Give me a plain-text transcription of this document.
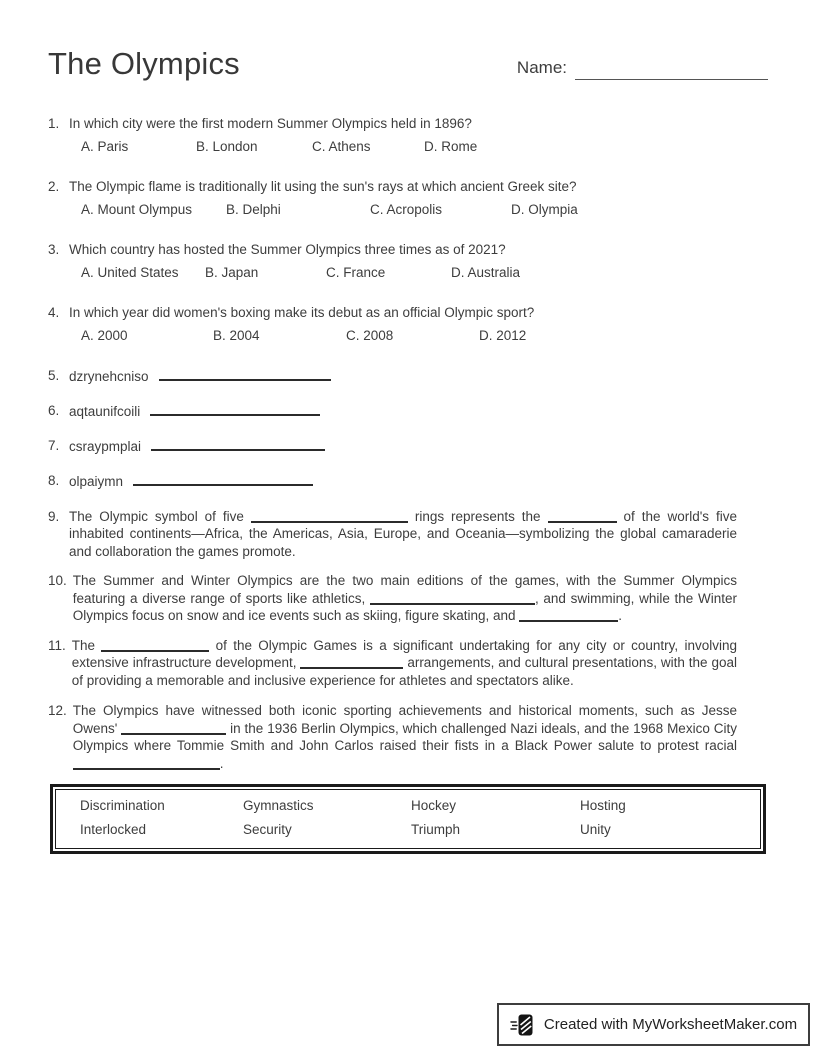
The Olympics	Name:
1. In which city were the first modern Summer Olympics held in 1896?

A. Paris	B. London	C. Athens	D. Rome
2. The Olympic flame is traditionally lit using the sun's rays at which ancient Greek site?

A. Mount Olympus	B. Delphi	C. Acropolis	D. Olympia
3. Which country has hosted the Summer Olympics three times as of 2021?

A. United States	B. Japan	C. France	D. Australia
4. In which year did women's boxing make its debut as an official Olympic sport?

A. 2000	B. 2004	C. 2008	D. 2012
5. dzrynehcniso
6. aqtaunifcoili
7. csraypmplai
8. olpaiymn
9. The Olympic symbol of five	rings represents the	of the world's five inhabited continents—Africa, the Americas, Asia, Europe, and Oceania—symbolizing the global camaraderie and collaboration the games promote.

10. The Summer and Winter Olympics are the two main editions of the games, with the Summer Olympics featuring a diverse range of sports like athletics,	, and swimming, while the Winter Olympics focus on snow and ice events such as skiing, figure skating, and	.

11. The	of the Olympic Games is a significant undertaking for any city or country, involving extensive infrastructure development,	arrangements, and cultural presentations, with the goal of providing a memorable and inclusive experience for athletes and spectators alike.

12. The Olympics have witnessed both iconic sporting achievements and historical moments, such as Jesse Owens'	in the 1936 Berlin Olympics, which challenged Nazi ideals, and the 1968 Mexico City Olympics where Tommie Smith and John Carlos raised their fists in a Black Power salute to protest racial .

Discrimination	Gymnastics	Hockey	Hosting
Interlocked	Security	Triumph	Unity
Created with MyWorksheetMaker.com
